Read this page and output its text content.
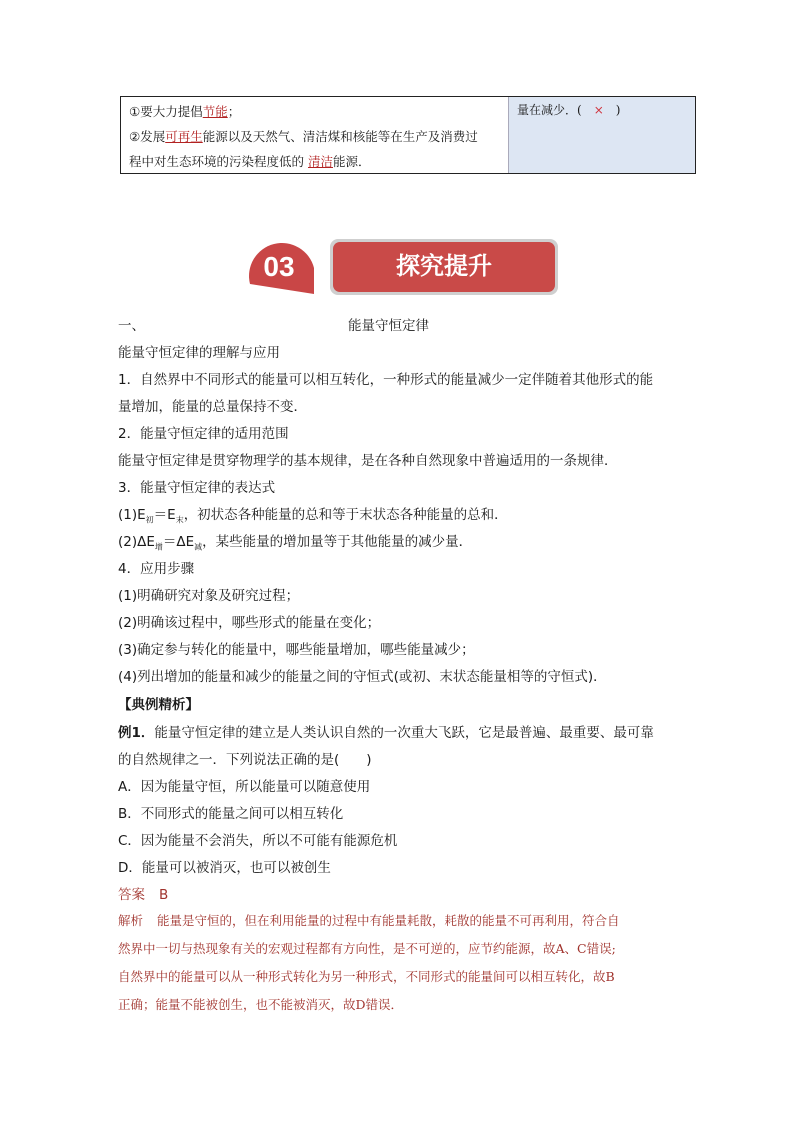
①要大力提倡节能；
②发展可再生能源以及天然气、清洁煤和核能等在生产及消费过
程中对生态环境的污染程度低的 清洁能源．
量在减少．( × )
03	探究提升
一、	能量守恒定律
能量守恒定律的理解与应用
1．自然界中不同形式的能量可以相互转化，一种形式的能量减少一定伴随着其他形式的能
量增加，能量的总量保持不变．
2．能量守恒定律的适用范围
能量守恒定律是贯穿物理学的基本规律，是在各种自然现象中普遍适用的一条规律．
3．能量守恒定律的表达式
$(1)E_初=E_末$，初状态各种能量的总和等于末状态各种能量的总和．
$(2)\Delta E_增=\Delta E_减$，某些能量的增加量等于其他能量的减少量．
4．应用步骤
(1)明确研究对象及研究过程；
(2)明确该过程中，哪些形式的能量在变化；
(3)确定参与转化的能量中，哪些能量增加，哪些能量减少；
(4)列出增加的能量和减少的能量之间的守恒式(或初、末状态能量相等的守恒式)．
【典例精析】
例1．能量守恒定律的建立是人类认识自然的一次重大飞跃，它是最普遍、最重要、最可靠
的自然规律之一．下列说法正确的是(　　)
A．因为能量守恒，所以能量可以随意使用
B．不同形式的能量之间可以相互转化
C．因为能量不会消失，所以不可能有能源危机
D．能量可以被消灭，也可以被创生
答案 B
解析 能量是守恒的，但在利用能量的过程中有能量耗散，耗散的能量不可再利用，符合自
然界中一切与热现象有关的宏观过程都有方向性，是不可逆的，应节约能源，故A、C错误;
自然界中的能量可以从一种形式转化为另一种形式，不同形式的能量间可以相互转化，故B
正确；能量不能被创生，也不能被消灭，故D错误．
